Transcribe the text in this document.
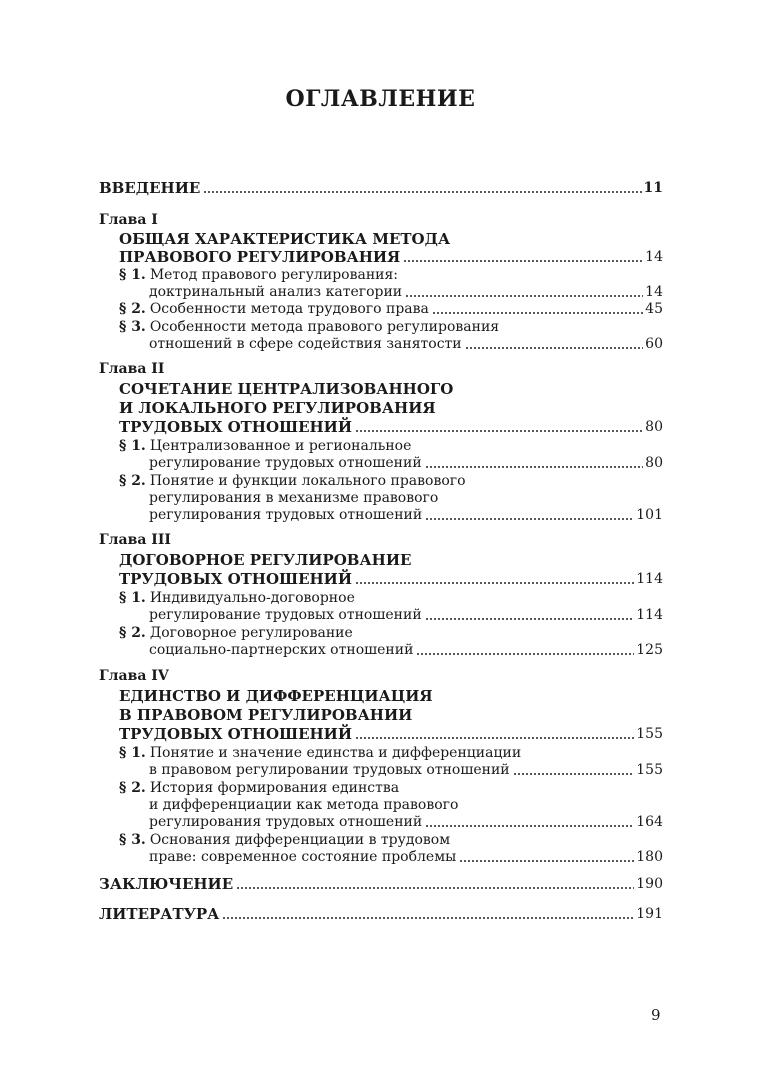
ОГЛАВЛЕНИЕ
ВВЕДЕНИЕ	11
Глава I
ОБЩАЯ ХАРАКТЕРИСТИКА МЕТОДА
ПРАВОВОГО РЕГУЛИРОВАНИЯ	14
§ 1. Метод правового регулирования:
доктринальный анализ категории	14
§ 2. Особенности метода трудового права	45
§ 3. Особенности метода правового регулирования
отношений в сфере содействия занятости	60
Глава II
СОЧЕТАНИЕ ЦЕНТРАЛИЗОВАННОГО
И ЛОКАЛЬНОГО РЕГУЛИРОВАНИЯ
ТРУДОВЫХ ОТНОШЕНИЙ	80
§ 1. Централизованное и региональное
регулирование трудовых отношений	80
§ 2. Понятие и функции локального правового
регулирования в механизме правового
регулирования трудовых отношений	101
Глава III
ДОГОВОРНОЕ РЕГУЛИРОВАНИЕ
ТРУДОВЫХ ОТНОШЕНИЙ	114
§ 1. Индивидуально-договорное
регулирование трудовых отношений	114
§ 2. Договорное регулирование
социально-партнерских отношений	125
Глава IV
ЕДИНСТВО И ДИФФЕРЕНЦИАЦИЯ
В ПРАВОВОМ РЕГУЛИРОВАНИИ
ТРУДОВЫХ ОТНОШЕНИЙ	155
§ 1. Понятие и значение единства и дифференциации
в правовом регулировании трудовых отношений	155
§ 2. История формирования единства
и дифференциации как метода правового
регулирования трудовых отношений	164
§ 3. Основания дифференциации в трудовом
праве: современное состояние проблемы	180
ЗАКЛЮЧЕНИЕ	190
ЛИТЕРАТУРА	191
9
